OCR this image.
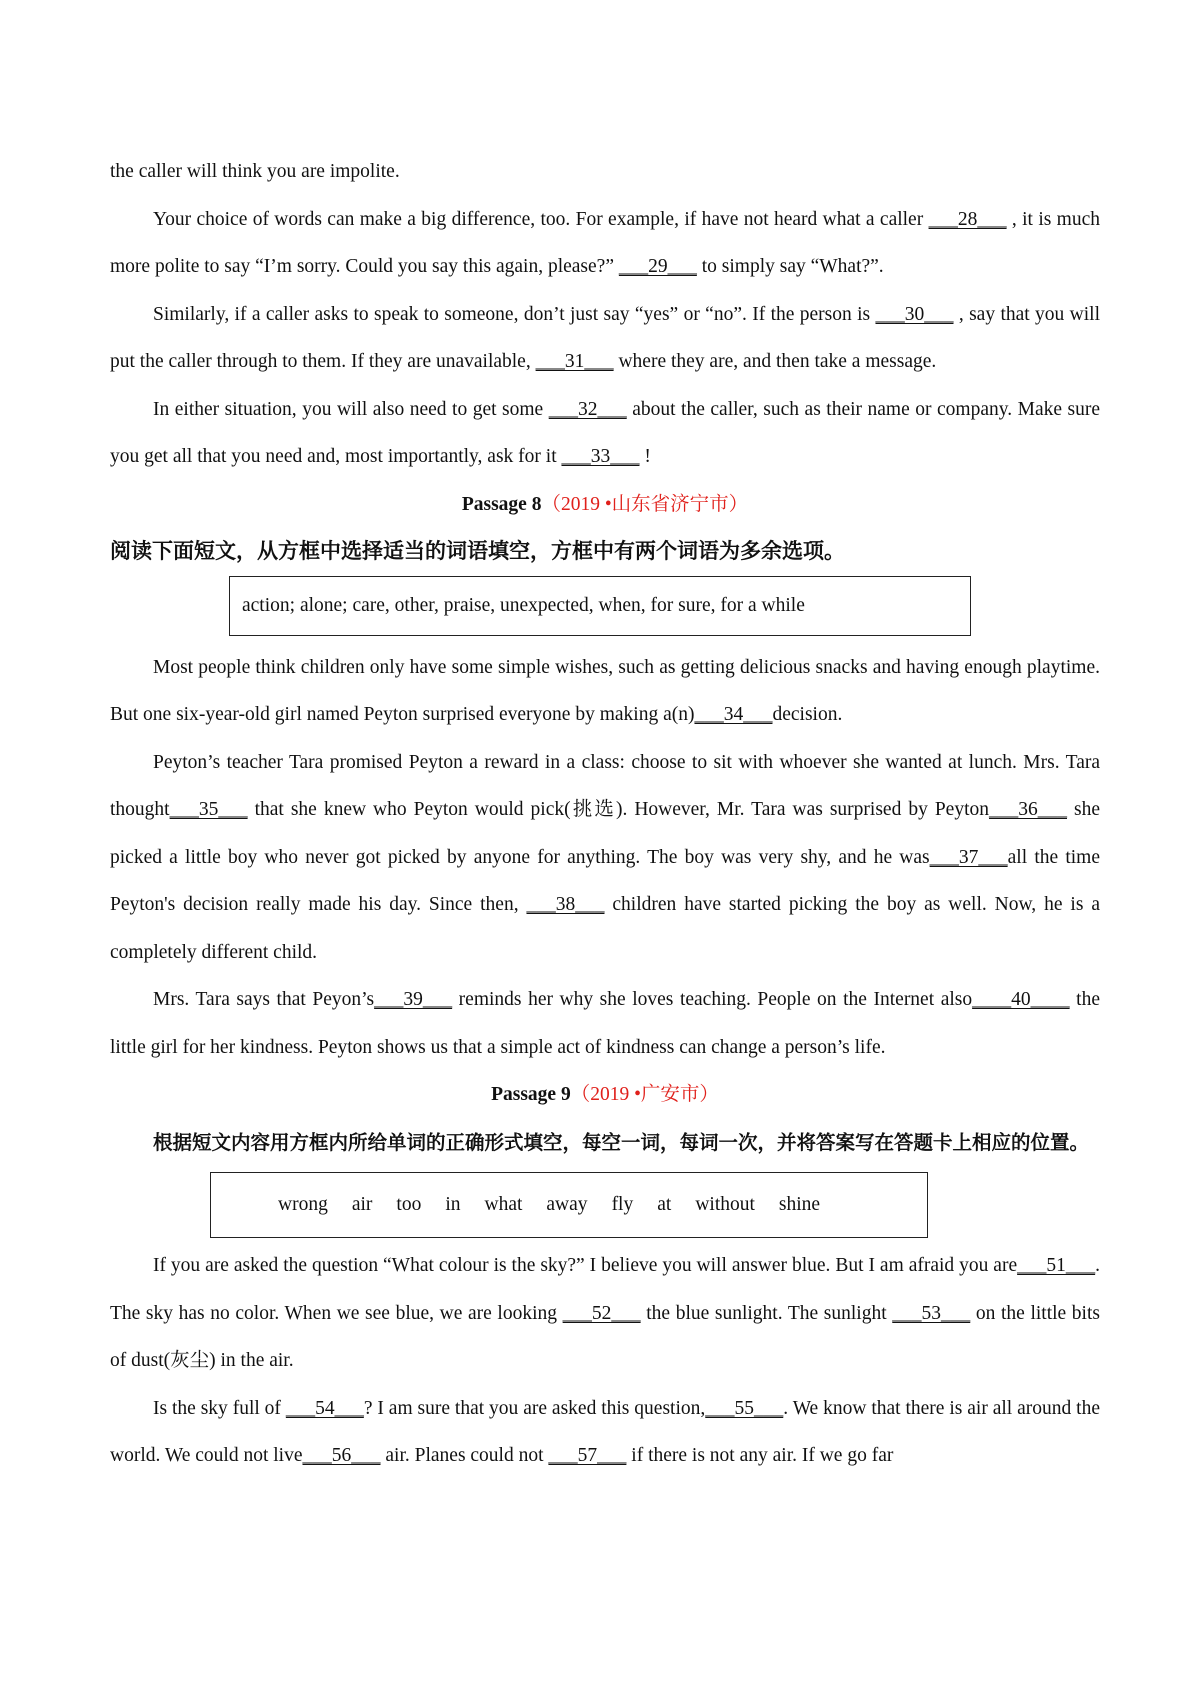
the caller will think you are impolite.

Your choice of words can make a big difference, too. For example, if have not heard what a caller ___28___ , it is much more polite to say “I’m sorry. Could you say this again, please?” ___29___ to simply say “What?”.

Similarly, if a caller asks to speak to someone, don’t just say “yes” or “no”. If the person is ___30___ , say that you will put the caller through to them. If they are unavailable, ___31___ where they are, and then take a message.

In either situation, you will also need to get some ___32___ about the caller, such as their name or company. Make sure you get all that you need and, most importantly, ask for it ___33___ !

Passage 8（2019 •山东省济宁市）
阅读下面短文，从方框中选择适当的词语填空，方框中有两个词语为多余选项。
action; alone; care, other, praise, unexpected, when, for sure, for a while

Most people think children only have some simple wishes, such as getting delicious snacks and having enough playtime. But one six-year-old girl named Peyton surprised everyone by making a(n)___34___decision.

Peyton’s teacher Tara promised Peyton a reward in a class: choose to sit with whoever she wanted at lunch. Mrs. Tara thought___35___ that she knew who Peyton would pick(挑选). However, Mr. Tara was surprised by Peyton___36___ she picked a little boy who never got picked by anyone for anything. The boy was very shy, and he was___37___all the time Peyton's decision really made his day. Since then, ___38___ children have started picking the boy as well. Now, he is a completely different child.

Mrs. Tara says that Peyon’s___39___ reminds her why she loves teaching. People on the Internet also____40____ the little girl for her kindness. Peyton shows us that a simple act of kindness can change a person’s life.

Passage 9（2019 •广安市）
根据短文内容用方框内所给单词的正确形式填空，每空一词，每词一次，并将答案写在答题卡上相应的位置。
wrong air too in what away fly at without shine

If you are asked the question “What colour is the sky?” I believe you will answer blue. But I am afraid you are___51___. The sky has no color. When we see blue, we are looking ___52___ the blue sunlight. The sunlight ___53___ on the little bits of dust(灰尘) in the air.

Is the sky full of ___54___? I am sure that you are asked this question,___55___. We know that there is air all around the world. We could not live___56___ air. Planes could not ___57___ if there is not any air. If we go far
